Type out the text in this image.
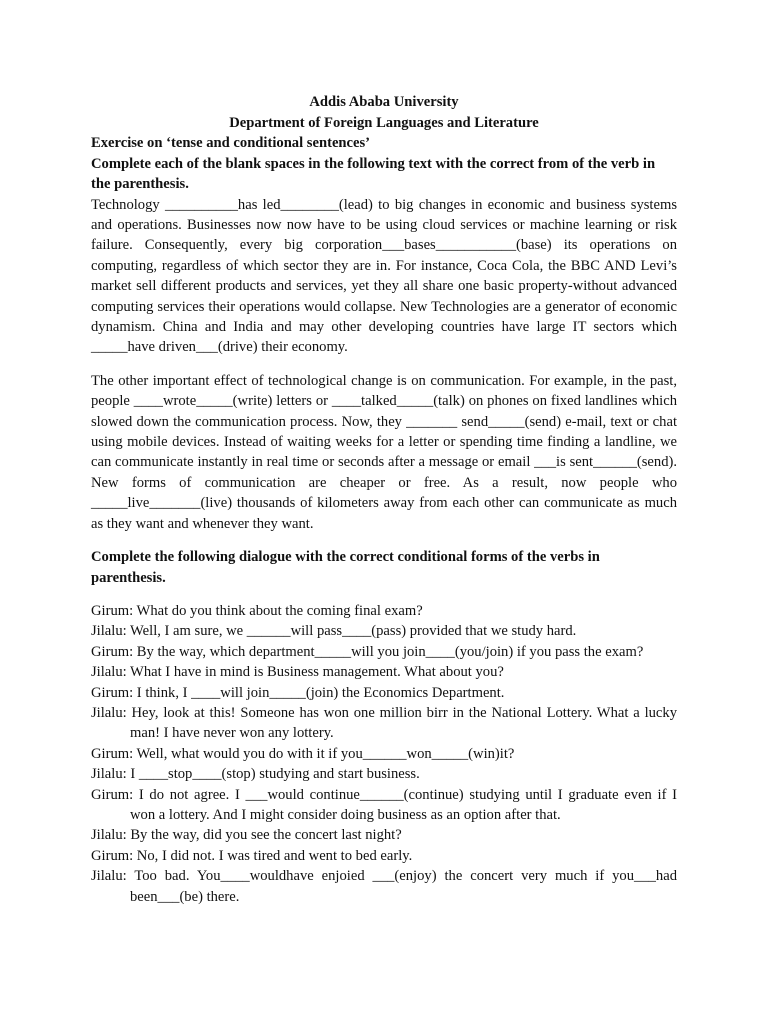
Addis Ababa University
Department of Foreign Languages and Literature
Exercise on ‘tense and conditional sentences’
Complete each of the blank spaces in the following text with the correct from of the verb in the parenthesis.

Technology __________has led________(lead) to big changes in economic and business systems and operations. Businesses now now have to be using cloud services or machine learning or risk failure. Consequently, every big corporation___bases___________(base) its operations on computing, regardless of which sector they are in. For instance, Coca Cola, the BBC AND Levi’s market sell different products and services, yet they all share one basic property-without advanced computing services their operations would collapse. New Technologies are a generator of economic dynamism. China and India and may other developing countries have large IT sectors which _____have driven___(drive) their economy.

The other important effect of technological change is on communication. For example, in the past, people ____wrote_____(write) letters or ____talked_____(talk) on phones on fixed landlines which slowed down the communication process. Now, they _______ send_____(send) e-mail, text or chat using mobile devices. Instead of waiting weeks for a letter or spending time finding a landline, we can communicate instantly in real time or seconds after a message or email ___is sent______(send). New forms of communication are cheaper or free. As a result, now people who _____live_______(live) thousands of kilometers away from each other can communicate as much as they want and whenever they want.

Complete the following dialogue with the correct conditional forms of the verbs in parenthesis.
Girum: What do you think about the coming final exam?
Jilalu: Well, I am sure, we ______will pass____(pass) provided that we study hard.
Girum: By the way, which department_____will you join____(you/join) if you pass the exam?
Jilalu: What I have in mind is Business management. What about you?
Girum: I think, I ____will join_____(join) the Economics Department.
Jilalu: Hey, look at this! Someone has won one million birr in the National Lottery. What a lucky man! I have never won any lottery.
Girum: Well, what would you do with it if you______won_____(win)it?
Jilalu: I ____stop____(stop) studying and start business.
Girum: I do not agree. I ___would continue______(continue) studying until I graduate even if I won a lottery. And I might consider doing business as an option after that.
Jilalu: By the way, did you see the concert last night?
Girum: No, I did not. I was tired and went to bed early.
Jilalu: Too bad. You____wouldhave enjoied ___(enjoy) the concert very much if you___had been___(be) there.
